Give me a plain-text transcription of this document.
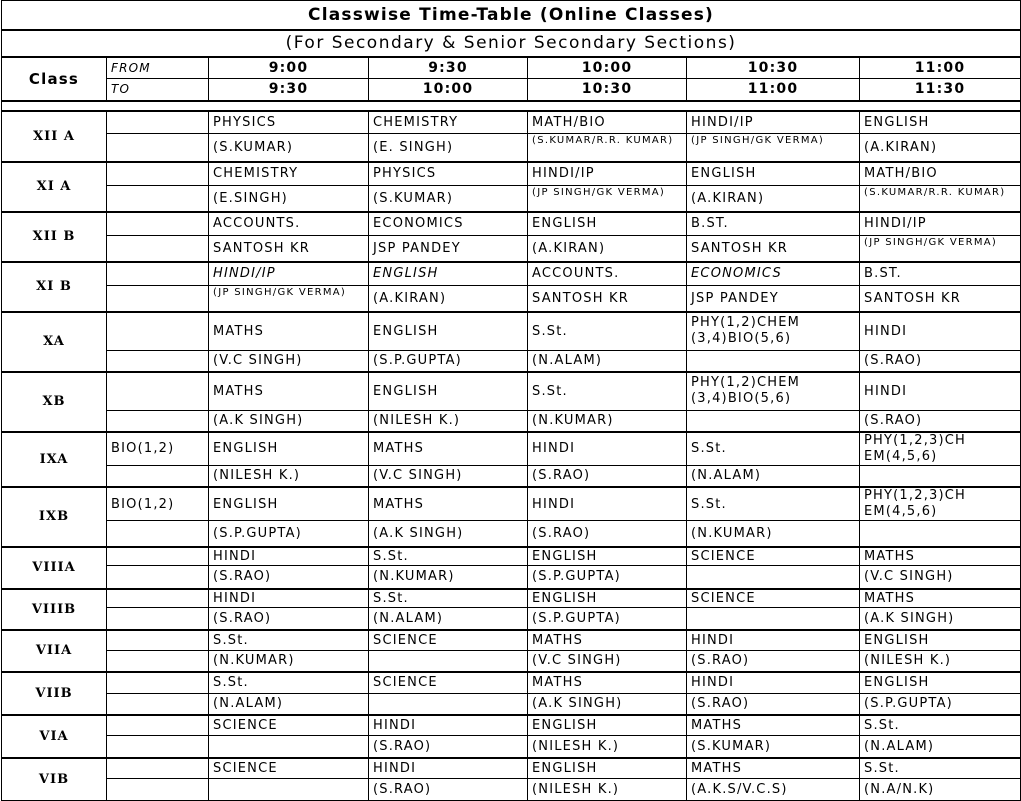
Classwise Time-Table (Online Classes)						
(For Secondary & Senior Secondary Sections)						
Class	FROM	9:00	9:30	10:00	10:30	11:00
	TO	9:30	10:00	10:30	11:00	11:30

XII A		PHYSICS	CHEMISTRY	MATH/BIO	HINDI/IP	ENGLISH
		(S.KUMAR)	(E. SINGH)	(S.KUMAR/R.R. KUMAR)	(JP SINGH/GK VERMA)	(A.KIRAN)
XI A		CHEMISTRY	PHYSICS	HINDI/IP	ENGLISH	MATH/BIO
		(E.SINGH)	(S.KUMAR)	(JP SINGH/GK VERMA)	(A.KIRAN)	(S.KUMAR/R.R. KUMAR)
XII B		ACCOUNTS.	ECONOMICS	ENGLISH	B.ST.	HINDI/IP
		SANTOSH KR	JSP PANDEY	(A.KIRAN)	SANTOSH KR	(JP SINGH/GK VERMA)
XI B		HINDI/IP	ENGLISH	ACCOUNTS.	ECONOMICS	B.ST.
		(JP SINGH/GK VERMA)	(A.KIRAN)	SANTOSH KR	JSP PANDEY	SANTOSH KR
XA		MATHS	ENGLISH	S.St.	PHY(1,2)CHEM (3,4)BIO(5,6)	HINDI
		(V.C SINGH)	(S.P.GUPTA)	(N.ALAM)		(S.RAO)
XB		MATHS	ENGLISH	S.St.	PHY(1,2)CHEM (3,4)BIO(5,6)	HINDI
		(A.K SINGH)	(NILESH K.)	(N.KUMAR)		(S.RAO)
IXA	BIO(1,2)	ENGLISH	MATHS	HINDI	S.St.	PHY(1,2,3)CH EM(4,5,6)
		(NILESH K.)	(V.C SINGH)	(S.RAO)	(N.ALAM)	
IXB	BIO(1,2)	ENGLISH	MATHS	HINDI	S.St.	PHY(1,2,3)CH EM(4,5,6)
		(S.P.GUPTA)	(A.K SINGH)	(S.RAO)	(N.KUMAR)	
VIIIA		HINDI	S.St.	ENGLISH	SCIENCE	MATHS
		(S.RAO)	(N.KUMAR)	(S.P.GUPTA)		(V.C SINGH)
VIIIB		HINDI	S.St.	ENGLISH	SCIENCE	MATHS
		(S.RAO)	(N.ALAM)	(S.P.GUPTA)		(A.K SINGH)
VIIA		S.St.	SCIENCE	MATHS	HINDI	ENGLISH
		(N.KUMAR)		(V.C SINGH)	(S.RAO)	(NILESH K.)
VIIB		S.St.	SCIENCE	MATHS	HINDI	ENGLISH
		(N.ALAM)		(A.K SINGH)	(S.RAO)	(S.P.GUPTA)
VIA		SCIENCE	HINDI	ENGLISH	MATHS	S.St.
			(S.RAO)	(NILESH K.)	(S.KUMAR)	(N.ALAM)
VIB		SCIENCE	HINDI	ENGLISH	MATHS	S.St.
			(S.RAO)	(NILESH K.)	(A.K.S/V.C.S)	(N.A/N.K)
